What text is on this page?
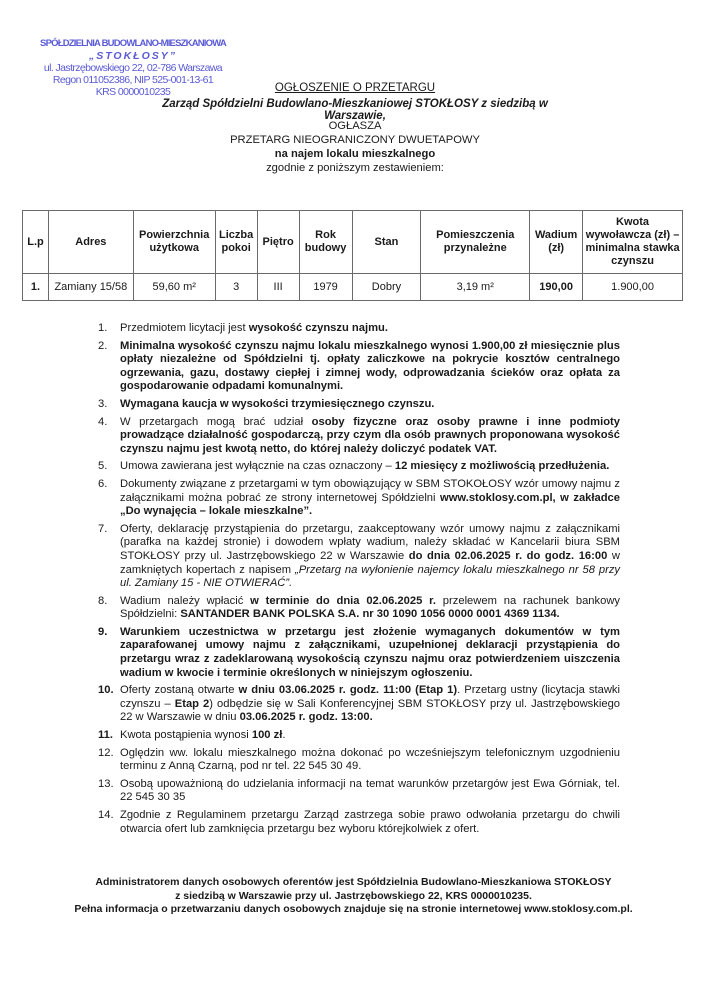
SPÓŁDZIELNIA BUDOWLANO-MIESZKANIOWA
„STOKŁOSY”
ul. Jastrzębowskiego 22, 02-786 Warszawa
Regon 011052386, NIP 525-001-13-61
KRS 0000010235	OGŁOSZENIE O PRZETARGU
Zarząd Spółdzielni Budowlano-Mieszkaniowej STOKŁOSY z siedzibą w Warszawie,
OGŁASZA
PRZETARG NIEOGRANICZONY DWUETAPOWY
na najem lokalu mieszkalnego
zgodnie z poniższym zestawieniem:
L.p	Adres	Powierzchnia użytkowa	Liczba pokoi	Piętro	Rok budowy	Stan	Pomieszczenia przynależne	Wadium (zł)	Kwota wywoławcza (zł) – minimalna stawka czynszu
1.	Zamiany 15/58	59,60 m²	3	III	1979	Dobry	3,19 m²	190,00	1.900,00
1.	Przedmiotem licytacji jest wysokość czynszu najmu.
2.	Minimalna wysokość czynszu najmu lokalu mieszkalnego wynosi 1.900,00 zł miesięcznie plus opłaty niezależne od Spółdzielni tj. opłaty zaliczkowe na pokrycie kosztów centralnego ogrzewania, gazu, dostawy ciepłej i zimnej wody, odprowadzania ścieków oraz opłata za gospodarowanie odpadami komunalnymi.
3.	Wymagana kaucja w wysokości trzymiesięcznego czynszu.
4.	W przetargach mogą brać udział osoby fizyczne oraz osoby prawne i inne podmioty prowadzące działalność gospodarczą, przy czym dla osób prawnych proponowana wysokość czynszu najmu jest kwotą netto, do której należy doliczyć podatek VAT.
5.	Umowa zawierana jest wyłącznie na czas oznaczony – 12 miesięcy z możliwością przedłużenia.
6.	Dokumenty związane z przetargami w tym obowiązujący w SBM STOKOŁOSY wzór umowy najmu z załącznikami można pobrać ze strony internetowej Spółdzielni www.stoklosy.com.pl, w zakładce „Do wynajęcia – lokale mieszkalne”.
7.	Oferty, deklarację przystąpienia do przetargu, zaakceptowany wzór umowy najmu z załącznikami (parafka na każdej stronie) i dowodem wpłaty wadium, należy składać w Kancelarii biura SBM STOKŁOSY przy ul. Jastrzębowskiego 22 w Warszawie do dnia 02.06.2025 r. do godz. 16:00 w zamkniętych kopertach z napisem „Przetarg na wyłonienie najemcy lokalu mieszkalnego nr 58 przy ul. Zamiany 15 - NIE OTWIERAĆ”.
8.	Wadium należy wpłacić w terminie do dnia 02.06.2025 r. przelewem na rachunek bankowy Spółdzielni: SANTANDER BANK POLSKA S.A. nr 30 1090 1056 0000 0001 4369 1134.
9.	Warunkiem uczestnictwa w przetargu jest złożenie wymaganych dokumentów w tym zaparafowanej umowy najmu z załącznikami, uzupełnionej deklaracji przystąpienia do przetargu wraz z zadeklarowaną wysokością czynszu najmu oraz potwierdzeniem uiszczenia wadium w kwocie i terminie określonych w niniejszym ogłoszeniu.
10. Oferty zostaną otwarte w dniu 03.06.2025 r. godz. 11:00 (Etap 1). Przetarg ustny (licytacja stawki czynszu – Etap 2) odbędzie się w Sali Konferencyjnej SBM STOKŁOSY przy ul. Jastrzębowskiego 22 w Warszawie w dniu 03.06.2025 r. godz. 13:00.
11. Kwota postąpienia wynosi 100 zł.
12. Oględzin ww. lokalu mieszkalnego można dokonać po wcześniejszym telefonicznym uzgodnieniu terminu z Anną Czarną, pod nr tel. 22 545 30 49.
13. Osobą upoważnioną do udzielania informacji na temat warunków przetargów jest Ewa Górniak, tel. 22 545 30 35
14. Zgodnie z Regulaminem przetargu Zarząd zastrzega sobie prawo odwołania przetargu do chwili otwarcia ofert lub zamknięcia przetargu bez wyboru którejkolwiek z ofert.
Administratorem danych osobowych oferentów jest Spółdzielnia Budowlano-Mieszkaniowa STOKŁOSY
z siedzibą w Warszawie przy ul. Jastrzębowskiego 22, KRS 0000010235.
Pełna informacja o przetwarzaniu danych osobowych znajduje się na stronie internetowej www.stoklosy.com.pl.
